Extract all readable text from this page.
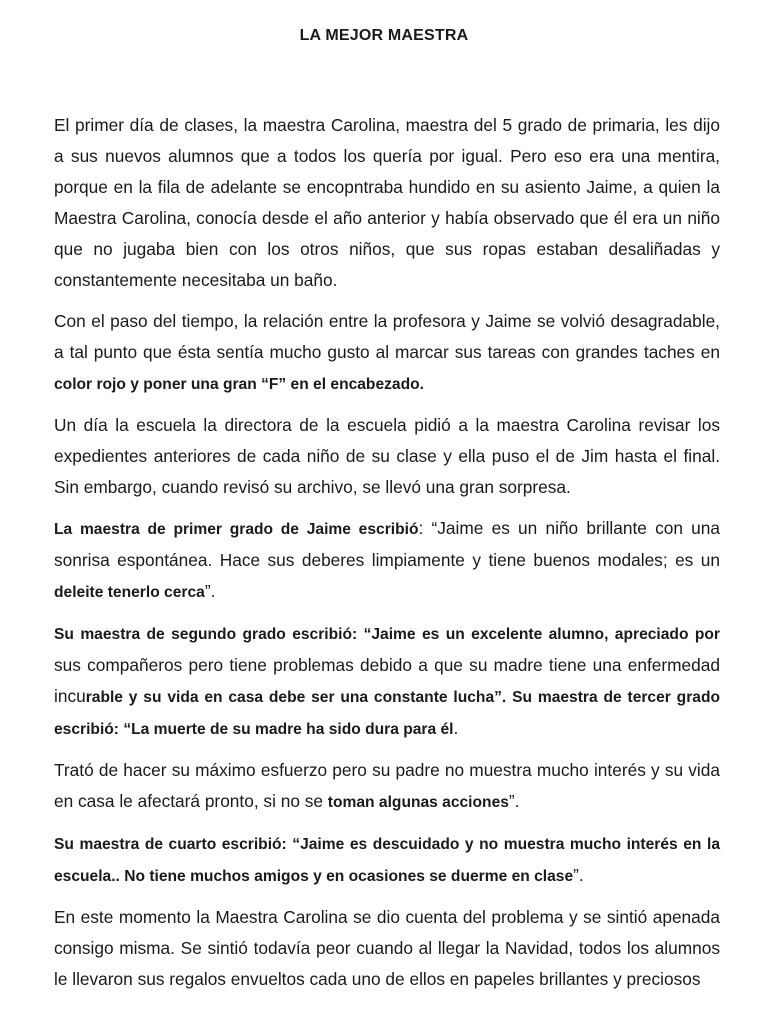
LA MEJOR MAESTRA

El primer día de clases, la maestra Carolina, maestra del 5 grado de primaria, les dijo a sus nuevos alumnos que a todos los quería por igual. Pero eso era una mentira, porque en la fila de adelante se encopntraba hundido en su asiento Jaime, a quien la Maestra Carolina, conocía desde el año anterior y había observado que él era un niño que no jugaba bien con los otros niños, que sus ropas estaban desaliñadas y constantemente necesitaba un baño.

Con el paso del tiempo, la relación entre la profesora y Jaime se volvió desagradable, a tal punto que ésta sentía mucho gusto al marcar sus tareas con grandes taches en color rojo y poner una gran “F” en el encabezado.

Un día la escuela la directora de la escuela pidió a la maestra Carolina revisar los expedientes anteriores de cada niño de su clase y ella puso el de Jim hasta el final. Sin embargo, cuando revisó su archivo, se llevó una gran sorpresa.

La maestra de primer grado de Jaime escribió: “Jaime es un niño brillante con una sonrisa espontánea. Hace sus deberes limpiamente y tiene buenos modales; es un deleite tenerlo cerca”.

Su maestra de segundo grado escribió: “Jaime es un excelente alumno, apreciado por sus compañeros pero tiene problemas debido a que su madre tiene una enfermedad incurable y su vida en casa debe ser una constante lucha”. Su maestra de tercer grado escribió: “La muerte de su madre ha sido dura para él.

Trató de hacer su máximo esfuerzo pero su padre no muestra mucho interés y su vida en casa le afectará pronto, si no se toman algunas acciones”.

Su maestra de cuarto escribió: “Jaime es descuidado y no muestra mucho interés en la escuela.. No tiene muchos amigos y en ocasiones se duerme en clase”.

En este momento la Maestra Carolina se dio cuenta del problema y se sintió apenada consigo misma. Se sintió todavía peor cuando al llegar la Navidad, todos los alumnos le llevaron sus regalos envueltos cada uno de ellos en papeles brillantes y preciosos
